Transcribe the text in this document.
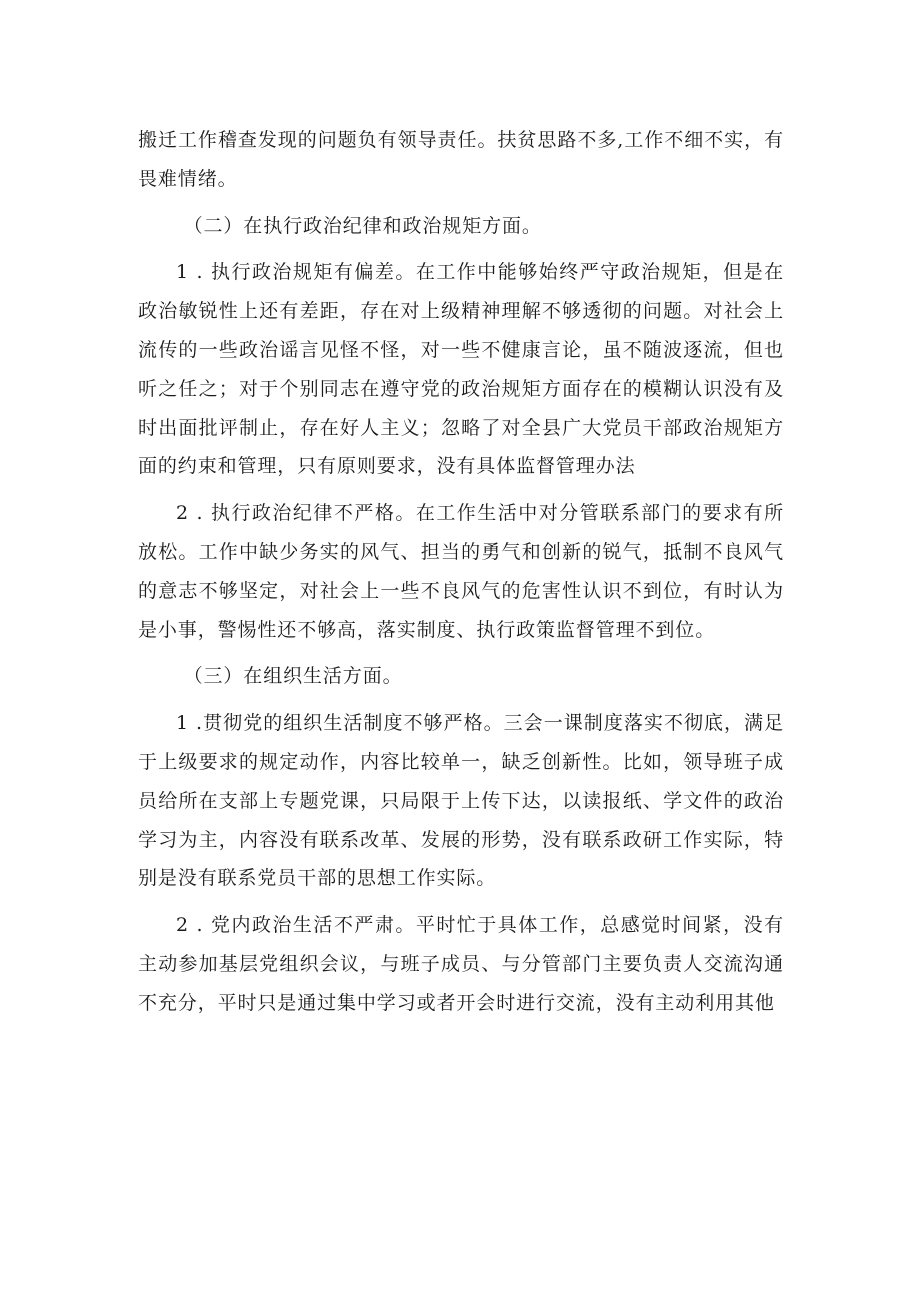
搬迁工作稽查发现的问题负有领导责任。扶贫思路不多,工作不细不实，有畏难情绪。

（二）在执行政治纪律和政治规矩方面。

1 . 执行政治规矩有偏差。在工作中能够始终严守政治规矩，但是在政治敏锐性上还有差距，存在对上级精神理解不够透彻的问题。对社会上流传的一些政治谣言见怪不怪，对一些不健康言论，虽不随波逐流，但也听之任之；对于个别同志在遵守党的政治规矩方面存在的模糊认识没有及时出面批评制止，存在好人主义；忽略了对全县广大党员干部政治规矩方面的约束和管理，只有原则要求，没有具体监督管理办法

2 . 执行政治纪律不严格。在工作生活中对分管联系部门的要求有所放松。工作中缺少务实的风气、担当的勇气和创新的锐气，抵制不良风气的意志不够坚定，对社会上一些不良风气的危害性认识不到位，有时认为是小事，警惕性还不够高，落实制度、执行政策监督管理不到位。

（三）在组织生活方面。

1 .贯彻党的组织生活制度不够严格。三会一课制度落实不彻底，满足于上级要求的规定动作，内容比较单一，缺乏创新性。比如，领导班子成员给所在支部上专题党课，只局限于上传下达，以读报纸、学文件的政治学习为主，内容没有联系改革、发展的形势，没有联系政研工作实际，特别是没有联系党员干部的思想工作实际。

2 . 党内政治生活不严肃。平时忙于具体工作，总感觉时间紧，没有主动参加基层党组织会议，与班子成员、与分管部门主要负责人交流沟通不充分，平时只是通过集中学习或者开会时进行交流，没有主动利用其他
